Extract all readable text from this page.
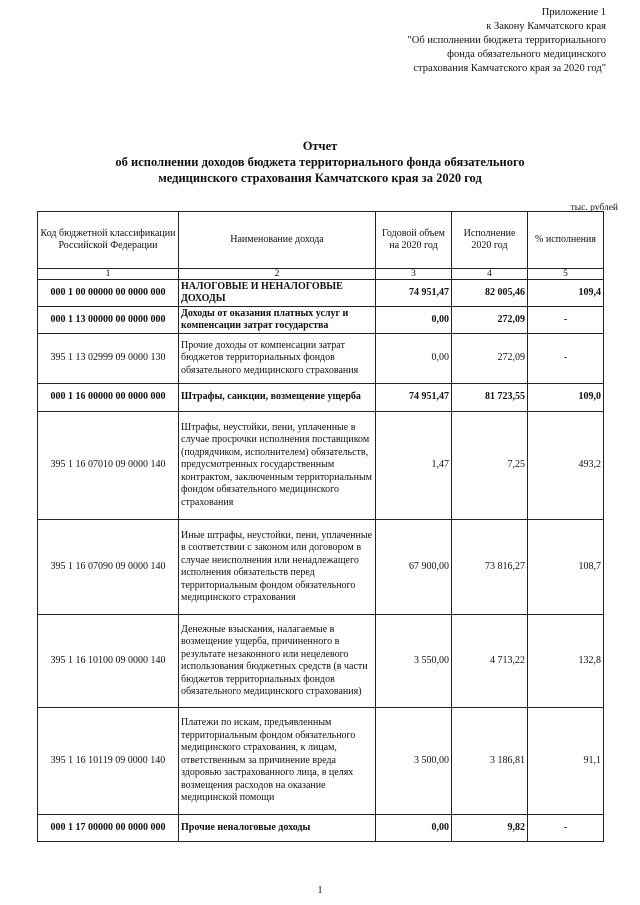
Приложение 1
к Закону Камчатского края
"Об исполнении бюджета территориального
фонда обязательного медицинского
страхования Камчатского края за 2020 год"
Отчет
об исполнении доходов бюджета территориального фонда обязательного
медицинского страхования Камчатского края за 2020 год
тыс. рублей
Код бюджетной классификации Российской Федерации	Наименование дохода	Годовой объем на 2020 год	Исполнение 2020 год	% исполнения
1	2	3	4	5
000 1 00 00000 00 0000 000	НАЛОГОВЫЕ И НЕНАЛОГОВЫЕ ДОХОДЫ	74 951,47	82 005,46	109,4
000 1 13 00000 00 0000 000	Доходы от оказания платных услуг и компенсации затрат государства	0,00	272,09	-
395 1 13 02999 09 0000 130	Прочие доходы от компенсации затрат бюджетов территориальных фондов обязательного медицинского страхования	0,00	272,09	-
000 1 16 00000 00 0000 000	Штрафы, санкции, возмещение ущерба	74 951,47	81 723,55	109,0
395 1 16 07010 09 0000 140	Штрафы, неустойки, пени, уплаченные в случае просрочки исполнения поставщиком (подрядчиком, исполнителем) обязательств, предусмотренных государственным контрактом, заключенным территориальным фондом обязательного медицинского страхования	1,47	7,25	493,2
395 1 16 07090 09 0000 140	Иные штрафы, неустойки, пени, уплаченные в соответствии с законом или договором в случае неисполнения или ненадлежащего исполнения обязательств перед территориальным фондом обязательного медицинского страхования	67 900,00	73 816,27	108,7
395 1 16 10100 09 0000 140	Денежные взыскания, налагаемые в возмещение ущерба, причиненного в результате незаконного или нецелевого использования бюджетных средств (в части бюджетов территориальных фондов обязательного медицинского страхования)	3 550,00	4 713,22	132,8
395 1 16 10119 09 0000 140	Платежи по искам, предъявленным территориальным фондом обязательного медицинского страхования, к лицам, ответственным за причинение вреда здоровью застрахованного лица, в целях возмещения расходов на оказание медицинской помощи	3 500,00	3 186,81	91,1
000 1 17 00000 00 0000 000	Прочие неналоговые доходы	0,00	9,82	-
1
